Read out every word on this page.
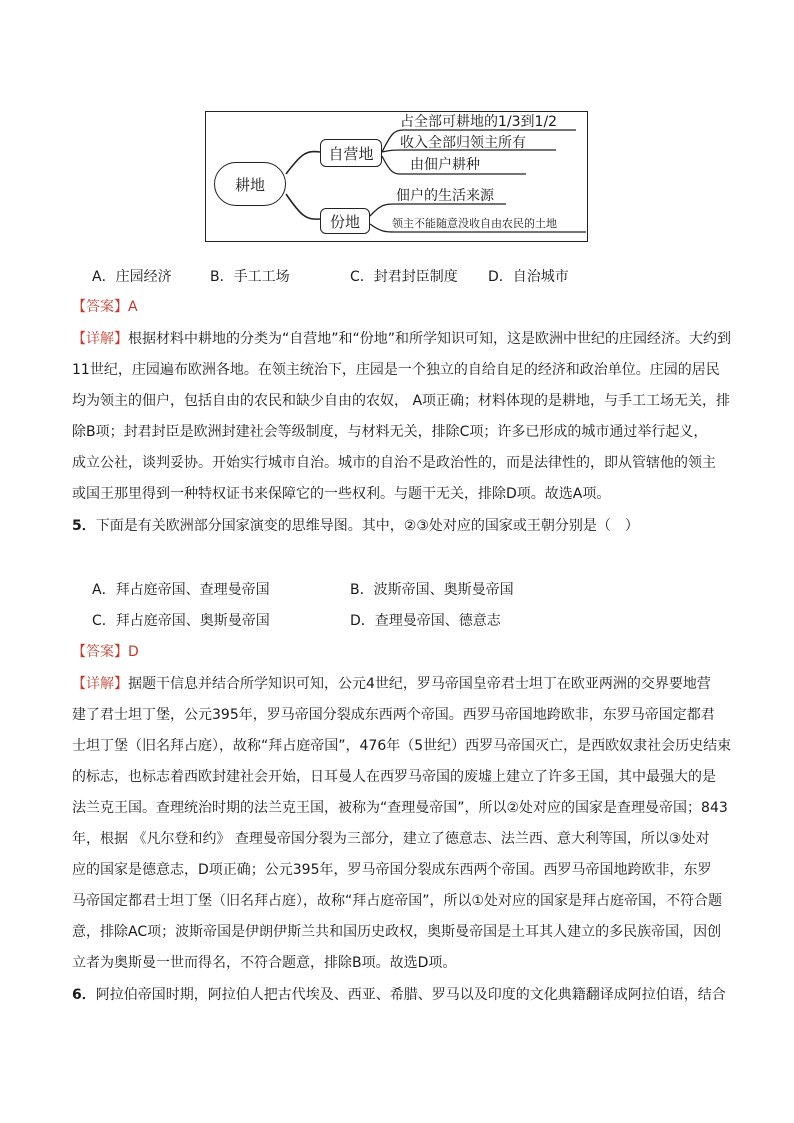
耕地
自营地
份地
占全部可耕地的1/3到1/2
收入全部归领主所有
由佃户耕种
佃户的生活来源
领主不能随意没收自由农民的土地
A．庄园经济	B．手工工场	C．封君封臣制度 D．自治城市
【答案】A
【详解】根据材料中耕地的分类为“自营地”和“份地”和所学知识可知，这是欧洲中世纪的庄园经济。大约到
11世纪，庄园遍布欧洲各地。在领主统治下，庄园是一个独立的自给自足的经济和政治单位。庄园的居民
均为领主的佃户，包括自由的农民和缺少自由的农奴， A项正确；材料体现的是耕地，与手工工场无关，排
除B项；封君封臣是欧洲封建社会等级制度，与材料无关，排除C项；许多已形成的城市通过举行起义，
成立公社，谈判妥协。开始实行城市自治。城市的自治不是政治性的，而是法律性的，即从管辖他的领主
或国王那里得到一种特权证书来保障它的一些权利。与题干无关，排除D项。故选A项。
5．下面是有关欧洲部分国家演变的思维导图。其中，②③处对应的国家或王朝分别是（　）
A．拜占庭帝国、查理曼帝国	B．波斯帝国、奥斯曼帝国
C．拜占庭帝国、奥斯曼帝国	D．查理曼帝国、德意志
【答案】D
【详解】据题干信息并结合所学知识可知，公元4世纪，罗马帝国皇帝君士坦丁在欧亚两洲的交界要地营
建了君士坦丁堡，公元395年，罗马帝国分裂成东西两个帝国。西罗马帝国地跨欧非，东罗马帝国定都君
士坦丁堡（旧名拜占庭），故称“拜占庭帝国”，476年（5世纪）西罗马帝国灭亡，是西欧奴隶社会历史结束
的标志，也标志着西欧封建社会开始，日耳曼人在西罗马帝国的废墟上建立了许多王国，其中最强大的是
法兰克王国。查理统治时期的法兰克王国，被称为“查理曼帝国”，所以②处对应的国家是查理曼帝国；843
年，根据 《凡尔登和约》 查理曼帝国分裂为三部分，建立了德意志、法兰西、意大利等国，所以③处对
应的国家是德意志，D项正确；公元395年，罗马帝国分裂成东西两个帝国。西罗马帝国地跨欧非，东罗
马帝国定都君士坦丁堡（旧名拜占庭），故称“拜占庭帝国”，所以①处对应的国家是拜占庭帝国，不符合题
意，排除AC项；波斯帝国是伊朗伊斯兰共和国历史政权，奥斯曼帝国是土耳其人建立的多民族帝国，因创
立者为奥斯曼一世而得名，不符合题意，排除B项。故选D项。
6．阿拉伯帝国时期，阿拉伯人把古代埃及、西亚、希腊、罗马以及印度的文化典籍翻译成阿拉伯语，结合
